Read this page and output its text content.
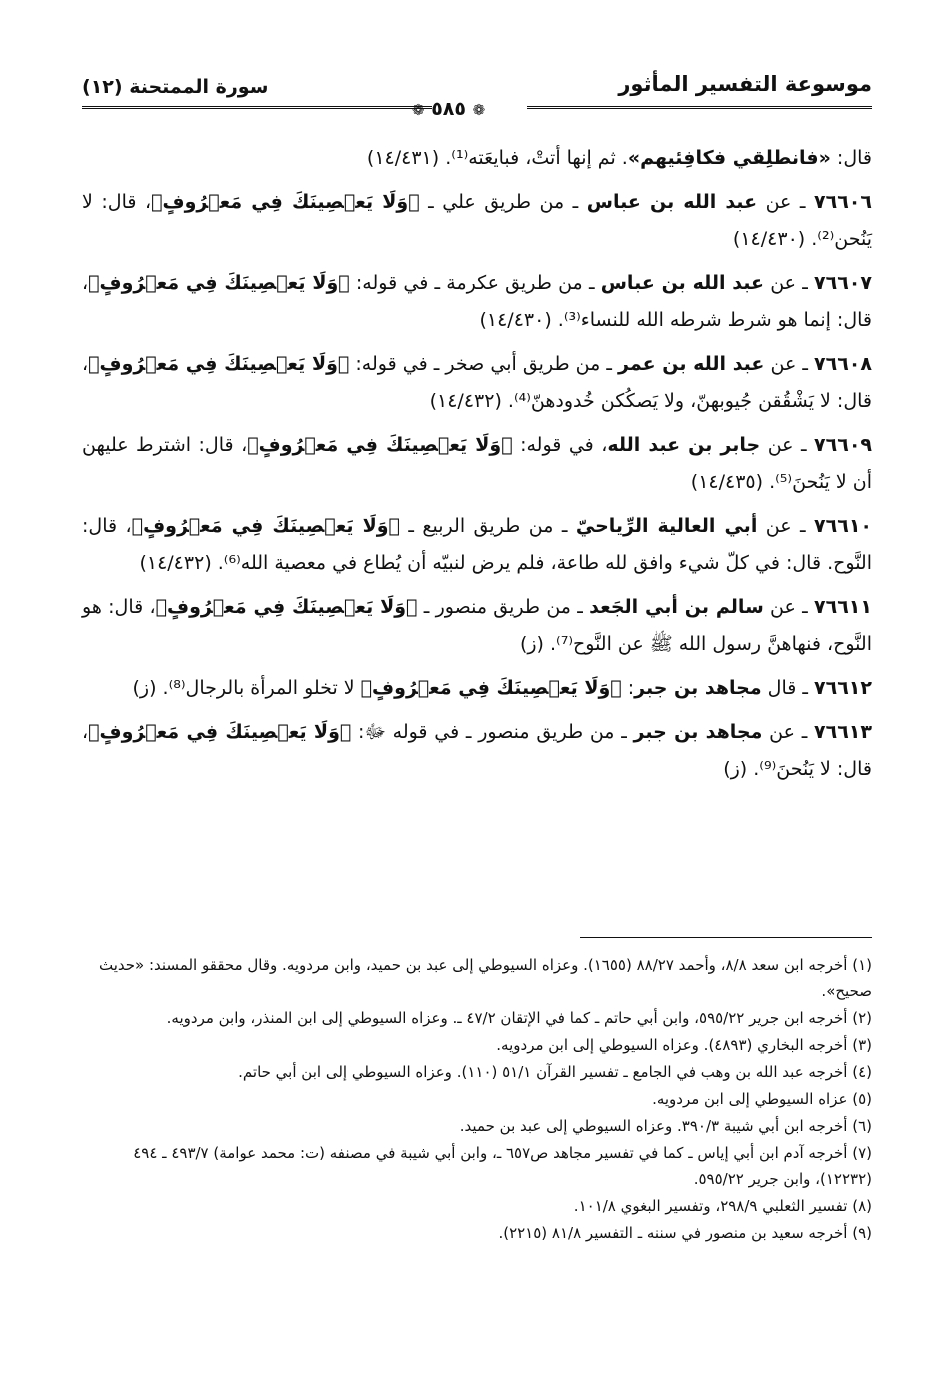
موسوعة التفسير المأثور
سورة الممتحنة (١٢)
❁ ٥٨٥ ❁

قال: «فانطلِقي فكافِئيهم». ثم إنها أتتْ، فبايعَته⁽¹⁾. (١٤/٤٣١)

٧٦٦٠٦ ـ عن عبد الله بن عباس ـ من طريق علي ـ ﴿وَلَا يَعۡصِينَكَ فِي مَعۡرُوفٍ﴾، قال: لا يَنُحن⁽²⁾. (١٤/٤٣٠)

٧٦٦٠٧ ـ عن عبد الله بن عباس ـ من طريق عكرمة ـ في قوله: ﴿وَلَا يَعۡصِينَكَ فِي مَعۡرُوفٍ﴾، قال: إنما هو شرط شرطه الله للنساء⁽³⁾. (١٤/٤٣٠)

٧٦٦٠٨ ـ عن عبد الله بن عمر ـ من طريق أبي صخر ـ في قوله: ﴿وَلَا يَعۡصِينَكَ فِي مَعۡرُوفٍ﴾، قال: لا يَشْقُقن جُيوبهنّ، ولا يَصكُكن خُدودهنّ⁽⁴⁾. (١٤/٤٣٢)

٧٦٦٠٩ ـ عن جابر بن عبد الله، في قوله: ﴿وَلَا يَعۡصِينَكَ فِي مَعۡرُوفٍ﴾، قال: اشترط عليهن أن لا يَنُحنَ⁽⁵⁾. (١٤/٤٣٥)

٧٦٦١٠ ـ عن أبي العالية الرِّياحيّ ـ من طريق الربيع ـ ﴿وَلَا يَعۡصِينَكَ فِي مَعۡرُوفٍ﴾، قال: النَّوح. قال: في كلّ شيء وافق لله طاعة، فلم يرض لنبيّه أن يُطاع في معصية الله⁽⁶⁾. (١٤/٤٣٢)

٧٦٦١١ ـ عن سالم بن أبي الجَعد ـ من طريق منصور ـ ﴿وَلَا يَعۡصِينَكَ فِي مَعۡرُوفٍ﴾، قال: هو النَّوح، فنهاهنَّ رسول الله ﷺ عن النَّوح⁽⁷⁾. (ز)

٧٦٦١٢ ـ قال مجاهد بن جبر: ﴿وَلَا يَعۡصِينَكَ فِي مَعۡرُوفٍ﴾ لا تخلو المرأة بالرجال⁽⁸⁾. (ز)

٧٦٦١٣ ـ عن مجاهد بن جبر ـ من طريق منصور ـ في قوله ﷻ: ﴿وَلَا يَعۡصِينَكَ فِي مَعۡرُوفٍ﴾، قال: لا يَنُحنَ⁽⁹⁾. (ز)

(١) أخرجه ابن سعد ٨/٨، وأحمد ٨٨/٢٧ (١٦٥٥). وعزاه السيوطي إلى عبد بن حميد، وابن مردويه. وقال محققو المسند: «حديث صحيح».

(٢) أخرجه ابن جرير ٥٩٥/٢٢، وابن أبي حاتم ـ كما في الإتقان ٤٧/٢ ـ. وعزاه السيوطي إلى ابن المنذر، وابن مردويه.

(٣) أخرجه البخاري (٤٨٩٣). وعزاه السيوطي إلى ابن مردويه.

(٤) أخرجه عبد الله بن وهب في الجامع ـ تفسير القرآن ٥١/١ (١١٠). وعزاه السيوطي إلى ابن أبي حاتم.

(٥) عزاه السيوطي إلى ابن مردويه.

(٦) أخرجه ابن أبي شيبة ٣٩٠/٣. وعزاه السيوطي إلى عبد بن حميد.

(٧) أخرجه آدم ابن أبي إياس ـ كما في تفسير مجاهد ص٦٥٧ ـ، وابن أبي شيبة في مصنفه (ت: محمد عوامة) ٤٩٣/٧ ـ ٤٩٤ (١٢٢٣٢)، وابن جرير ٥٩٥/٢٢.

(٨) تفسير الثعلبي ٢٩٨/٩، وتفسير البغوي ١٠١/٨.

(٩) أخرجه سعيد بن منصور في سننه ـ التفسير ٨١/٨ (٢٢١٥).
